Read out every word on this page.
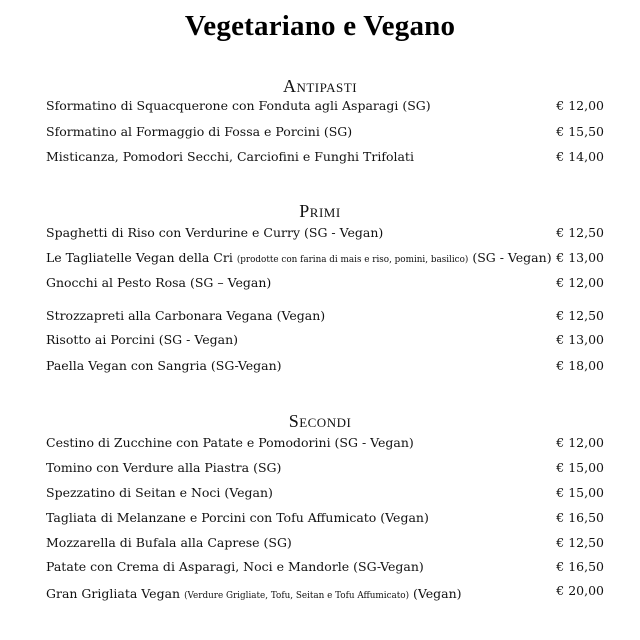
Vegetariano e Vegano
Antipasti
Sformatino di Squacquerone con Fonduta agli Asparagi (SG)	€ 12,00
Sformatino al Formaggio di Fossa e Porcini (SG)	€ 15,50
Misticanza, Pomodori Secchi, Carciofini e Funghi Trifolati	€ 14,00
Primi
Spaghetti di Riso con Verdurine e Curry (SG - Vegan)	€ 12,50
Le Tagliatelle Vegan della Cri (prodotte con farina di mais e riso, pomini, basilico) (SG - Vegan) € 13,00
Gnocchi al Pesto Rosa (SG – Vegan)	€ 12,00
Strozzapreti alla Carbonara Vegana (Vegan)	€ 12,50
Risotto ai Porcini (SG - Vegan)	€ 13,00
Paella Vegan con Sangria (SG-Vegan)	€ 18,00
Secondi
Cestino di Zucchine con Patate e Pomodorini (SG - Vegan)	€ 12,00
Tomino con Verdure alla Piastra (SG)	€ 15,00
Spezzatino di Seitan e Noci (Vegan)	€ 15,00
Tagliata di Melanzane e Porcini con Tofu Affumicato (Vegan)	€ 16,50
Mozzarella di Bufala alla Caprese (SG)	€ 12,50
Patate con Crema di Asparagi, Noci e Mandorle (SG-Vegan)	€ 16,50
Gran Grigliata Vegan (Verdure Grigliate, Tofu, Seitan e Tofu Affumicato) (Vegan)	€ 20,00
